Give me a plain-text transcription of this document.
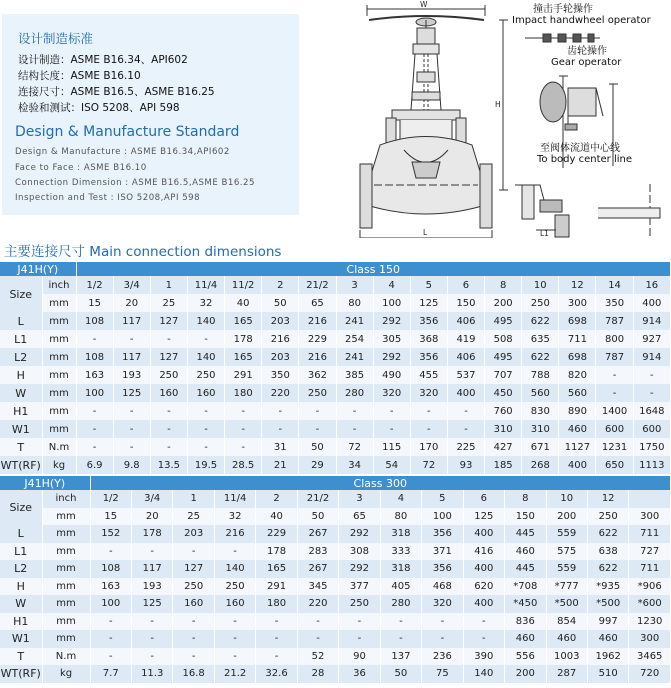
设计制造标准
设计制造：ASME B16.34、API602
结构长度：ASME B16.10
连接尺寸：ASME B16.5、ASME B16.25
检验和测试：ISO 5208、API 598
Design & Manufacture Standard
Design & Manufacture : ASME B16.34,API602
Face to Face : ASME B16.10
Connection Dimension : ASME B16.5,ASME B16.25
Inspection and Test : ISO 5208,API 598
W
H
L	L1
撞击手轮操作
Impact handwheel operator
齿轮操作
Gear operator
至阀体流道中心线
To body center line
主要连接尺寸 Main connection dimensions
J41H(Y)		Class 150															
Size	inch	1/2	3/4	1	11/4	11/2	2	21/2	3	4	5	6	8	10	12	14	16
	mm	15	20	25	32	40	50	65	80	100	125	150	200	250	300	350	400
L	mm	108	117	127	140	165	203	216	241	292	356	406	495	622	698	787	914
L1	mm	-	-	-	-	178	216	229	254	305	368	419	508	635	711	800	927
L2	mm	108	117	127	140	165	203	216	241	292	356	406	495	622	698	787	914
H	mm	163	193	250	250	291	350	362	385	490	455	537	707	788	820	-	-
W	mm	100	125	160	160	180	220	250	280	320	320	400	450	560	560	-	-
H1	mm	-	-	-	-	-	-	-	-	-	-	-	760	830	890	1400	1648
W1	mm	-	-	-	-	-	-	-	-	-	-	-	310	310	460	600	600
T	N.m	-	-	-	-	-	31	50	72	115	170	225	427	671	1127	1231	1750
WT(RF)	kg	6.9	9.8	13.5	19.5	28.5	21	29	34	54	72	93	185	268	400	650	1113
J41H(Y)		Class 300													
Size	inch	1/2	3/4	1	11/4	2	21/2	3	4	5	6	8	10	12	
	mm	15	20	25	32	40	50	65	80	100	125	150	200	250	300
L	mm	152	178	203	216	229	267	292	318	356	400	445	559	622	711
L1	mm	-	-	-	-	178	283	308	333	371	416	460	575	638	727
L2	mm	108	117	127	140	165	267	292	318	356	400	445	559	622	711
H	mm	163	193	250	250	291	345	377	405	468	620	*708	*777	*935	*906
W	mm	100	125	160	160	180	220	250	280	320	400	*450	*500	*500	*600
H1	mm	-	-	-	-	-	-	-	-	-	-	836	854	997	1230
W1	mm	-	-	-	-	-	-	-	-	-	-	460	460	460	300
T	N.m	-	-	-	-	-	52	90	137	236	390	556	1003	1962	3465
WT(RF)	kg	7.7	11.3	16.8	21.2	32.6	28	36	50	75	140	200	287	510	720
